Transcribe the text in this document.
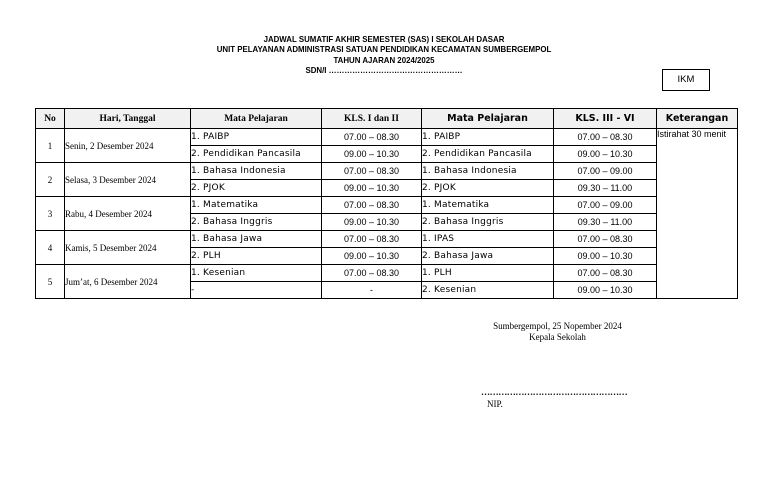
JADWAL SUMATIF AKHIR SEMESTER (SAS) I SEKOLAH DASAR
UNIT PELAYANAN ADMINISTRASI SATUAN PENDIDIKAN KECAMATAN SUMBERGEMPOL
TAHUN AJARAN 2024/2025
SDN/I ……………………………………………
IKM
No	Hari, Tanggal	Mata Pelajaran	KLS. I dan II	Mata Pelajaran	KLS. III - VI	Keterangan
1	Senin, 2 Desember 2024	1. PAIBP	07.00 – 08.30	1. PAIBP	07.00 – 08.30	Istirahat 30 menit
		2. Pendidikan Pancasila	09.00 – 10.30	2. Pendidikan Pancasila	09.00 – 10.30	
2	Selasa, 3 Desember 2024	1. Bahasa Indonesia	07.00 – 08.30	1. Bahasa Indonesia	07.00 – 09.00	
		2. PJOK	09.00 – 10.30	2. PJOK	09.30 – 11.00	
3	Rabu, 4 Desember 2024	1. Matematika	07.00 – 08.30	1. Matematika	07.00 – 09.00	
		2. Bahasa Inggris	09.00 – 10.30	2. Bahasa Inggris	09.30 – 11.00	
4	Kamis, 5 Desember 2024	1. Bahasa Jawa	07.00 – 08.30	1. IPAS	07.00 – 08.30	
		2. PLH	09.00 – 10.30	2. Bahasa Jawa	09.00 – 10.30	
5	Jum’at, 6 Desember 2024	1. Kesenian	07.00 – 08.30	1. PLH	07.00 – 08.30	
		-	-	2. Kesenian	09.00 – 10.30	
Sumbergempol, 25 Nopember 2024
Kepala Sekolah
……………………………………………
NIP.
